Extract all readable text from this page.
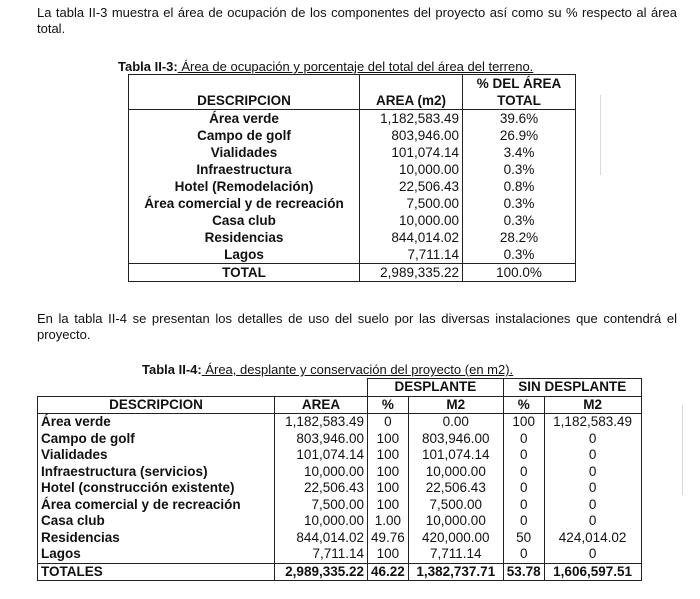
La tabla II-3 muestra el área de ocupación de los componentes del proyecto así como su % respecto al área total.

Tabla II-3: Área de ocupación y porcentaje del total del área del terreno.
DESCRIPCION	AREA (m2)	% DEL ÁREA
TOTAL
Área verde	1,182,583.49	39.6%
Campo de golf	803,946.00	26.9%
Vialidades	101,074.14	3.4%
Infraestructura	10,000.00	0.3%
Hotel (Remodelación)	22,506.43	0.8%
Área comercial y de recreación	7,500.00	0.3%
Casa club	10,000.00	0.3%
Residencias	844,014.02	28.2%
Lagos	7,711.14	0.3%
TOTAL	2,989,335.22	100.0%

En la tabla II-4 se presentan los detalles de uso del suelo por las diversas instalaciones que contendrá el proyecto.

Tabla II-4: Área, desplante y conservación del proyecto (en m2).
		DESPLANTE		SIN DESPLANTE	
DESCRIPCION	AREA	%	M2	%	M2
Área verde	1,182,583.49	0	0.00	100	1,182,583.49
Campo de golf	803,946.00	100	803,946.00	0	0
Vialidades	101,074.14	100	101,074.14	0	0
Infraestructura (servicios)	10,000.00	100	10,000.00	0	0
Hotel (construcción existente)	22,506.43	100	22,506.43	0	0
Área comercial y de recreación	7,500.00	100	7,500.00	0	0
Casa club	10,000.00	1.00	10,000.00	0	0
Residencias	844,014.02	49.76	420,000.00	50	424,014.02
Lagos	7,711.14	100	7,711.14	0	0
TOTALES	2,989,335.22	46.22	1,382,737.71	53.78	1,606,597.51
